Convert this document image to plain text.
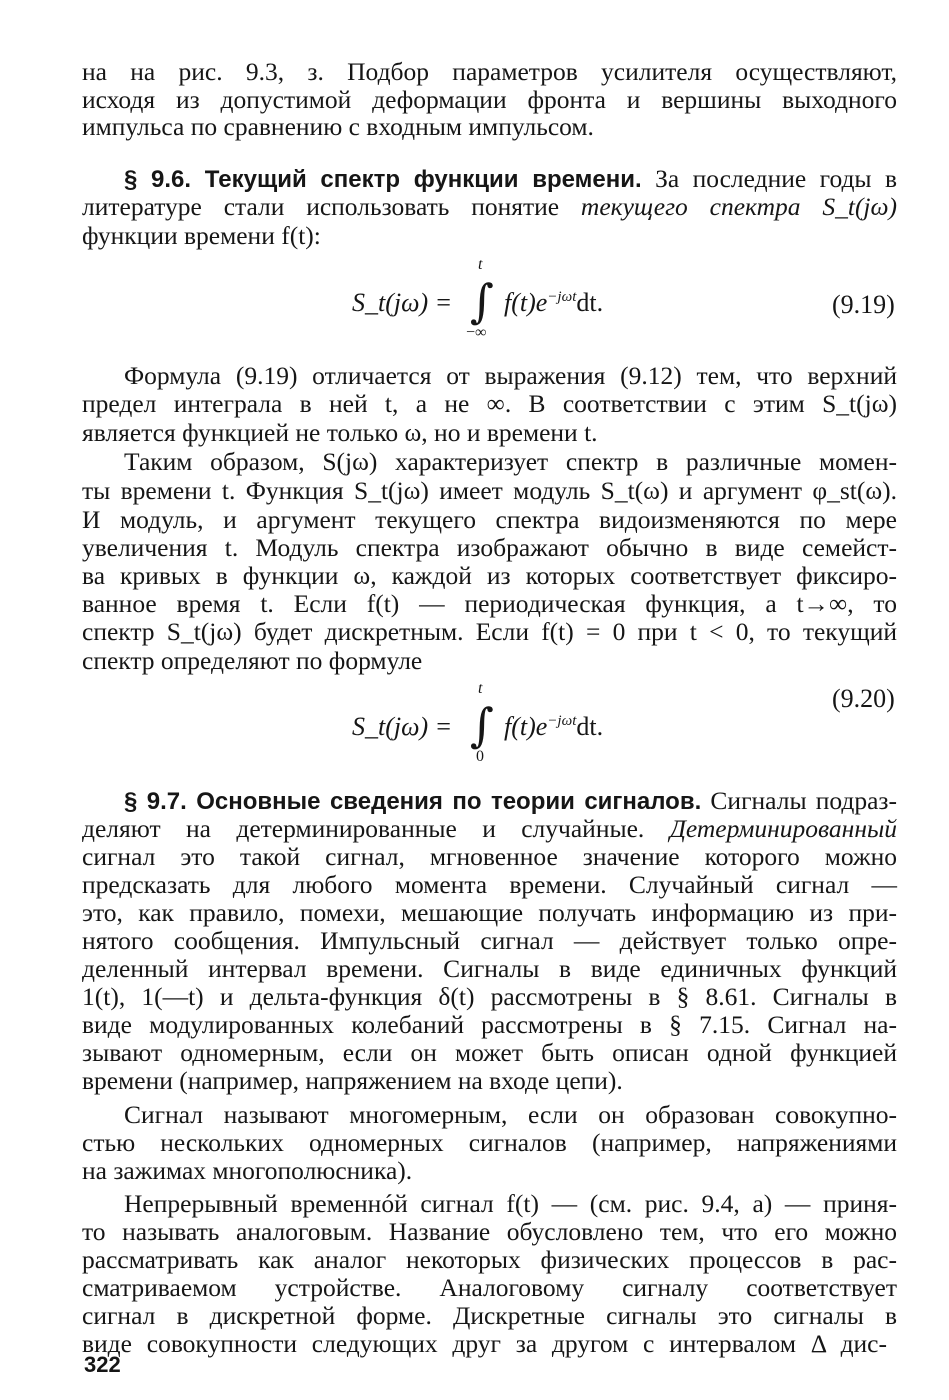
на на рис. 9.3, з. Подбор параметров усилителя осуществляют,
исходя из допустимой деформации фронта и вершины выходного
импульса по сравнению с входным импульсом.
§ 9.6. Текущий спектр функции времени. За последние годы в
литературе стали использовать понятие текущего спектра S_t(jω)
функции времени f(t):
S_t(jω) =
t
∫
−∞
$f(t)e^{-j\omega t}dt$.	(9.19)
Формула (9.19) отличается от выражения (9.12) тем, что верхний
предел интеграла в ней t, а не ∞. В соответствии с этим S_t(jω)
является функцией не только ω, но и времени t.
Таким образом, S(jω) характеризует спектр в различные момен-
ты времени t. Функция S_t(jω) имеет модуль S_t(ω) и аргумент φ_st(ω).
И модуль, и аргумент текущего спектра видоизменяются по мере
увеличения t. Модуль спектра изображают обычно в виде семейст-
ва кривых в функции ω, каждой из которых соответствует фиксиро-
ванное время t. Если f(t) — периодическая функция, а t→∞, то
спектр S_t(jω) будет дискретным. Если f(t) = 0 при t < 0, то текущий
спектр определяют по формуле
(9.20)
S_t(jω) =
t
∫
0
$f(t)e^{-j\omega t}dt$.
§ 9.7. Основные сведения по теории сигналов. Сигналы подраз-
деляют на детерминированные и случайные. Детерминированный
сигнал это такой сигнал, мгновенное значение которого можно
предсказать для любого момента времени. Случайный сигнал —
это, как правило, помехи, мешающие получать информацию из при-
нятого сообщения. Импульсный сигнал — действует только опре-
деленный интервал времени. Сигналы в виде единичных функций
1(t), 1(—t) и дельта-функция δ(t) рассмотрены в § 8.61. Сигналы в
виде модулированных колебаний рассмотрены в § 7.15. Сигнал на-
зывают одномерным, если он может быть описан одной функцией
времени (например, напряжением на входе цепи).
Сигнал называют многомерным, если он образован совокупно-
стью нескольких одномерных сигналов (например, напряжениями
на зажимах многополюсника).
Непрерывный временнóй сигнал f(t) — (см. рис. 9.4, a) — приня-
то называть аналоговым. Название обусловлено тем, что его можно
рассматривать как аналог некоторых физических процессов в рас-
сматриваемом устройстве. Аналоговому сигналу соответствует
сигнал в дискретной форме. Дискретные сигналы это сигналы в
виде совокупности следующих друг за другом с интервалом Δ дис-
322
